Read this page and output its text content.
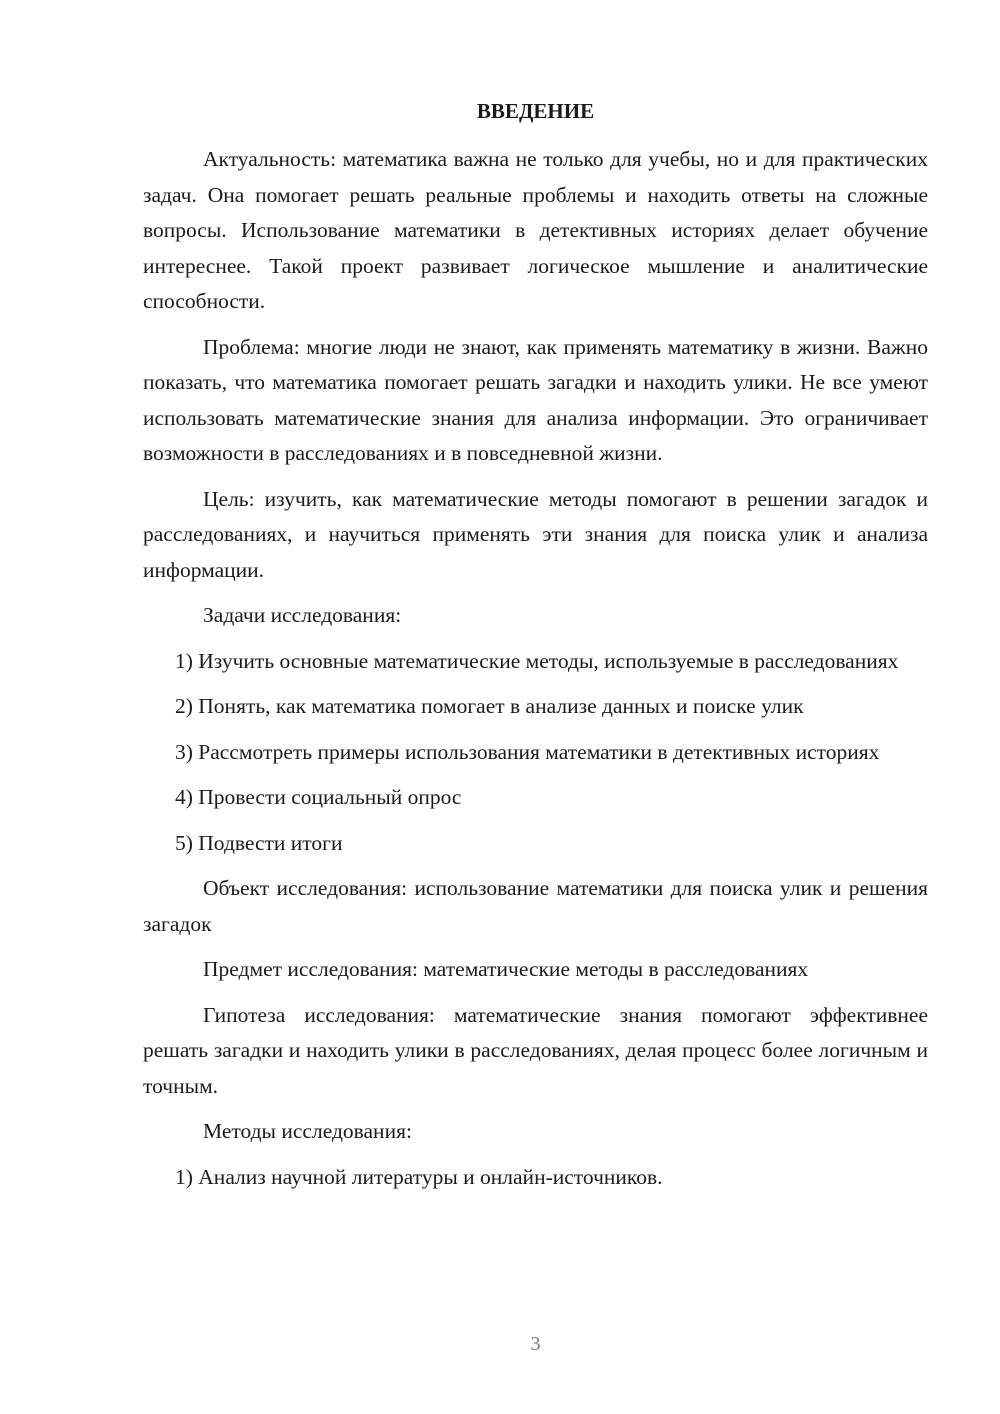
ВВЕДЕНИЕ

Актуальность: математика важна не только для учебы, но и для практических задач. Она помогает решать реальные проблемы и находить ответы на сложные вопросы. Использование математики в детективных историях делает обучение интереснее. Такой проект развивает логическое мышление и аналитические способности.

Проблема: многие люди не знают, как применять математику в жизни. Важно показать, что математика помогает решать загадки и находить улики. Не все умеют использовать математические знания для анализа информации. Это ограничивает возможности в расследованиях и в повседневной жизни.

Цель: изучить, как математические методы помогают в решении загадок и расследованиях, и научиться применять эти знания для поиска улик и анализа информации.

Задачи исследования:

1) Изучить основные математические методы, используемые в расследованиях

2) Понять, как математика помогает в анализе данных и поиске улик

3) Рассмотреть примеры использования математики в детективных историях

4) Провести социальный опрос

5) Подвести итоги

Объект исследования: использование математики для поиска улик и решения загадок

Предмет исследования: математические методы в расследованиях

Гипотеза исследования: математические знания помогают эффективнее решать загадки и находить улики в расследованиях, делая процесс более логичным и точным.

Методы исследования:

1) Анализ научной литературы и онлайн-источников.

3
